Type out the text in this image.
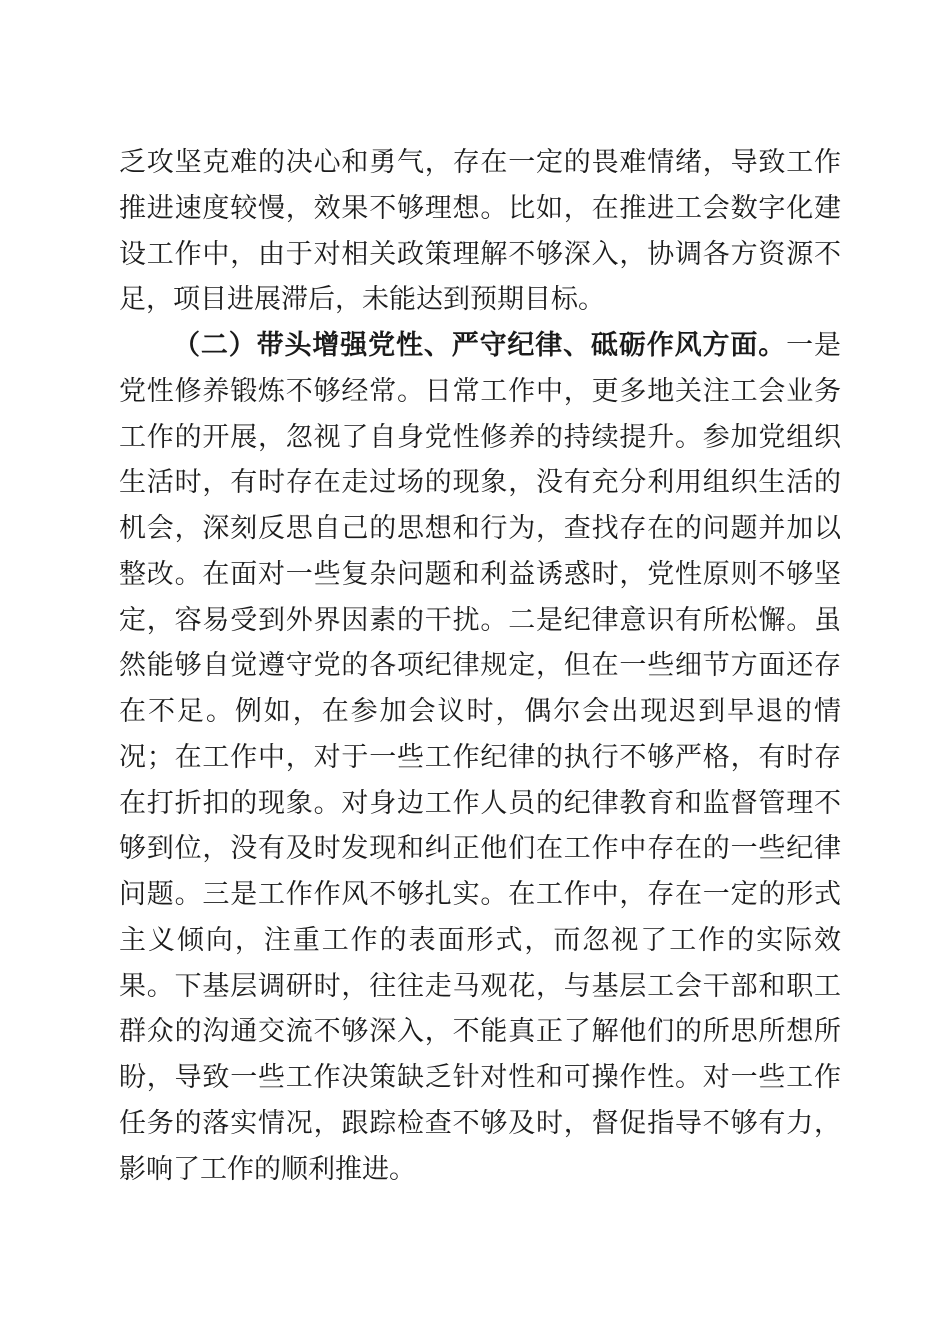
乏攻坚克难的决心和勇气，存在一定的畏难情绪，导致工作推进速度较慢，效果不够理想。比如，在推进工会数字化建设工作中，由于对相关政策理解不够深入，协调各方资源不足，项目进展滞后，未能达到预期目标。

（二）带头增强党性、严守纪律、砥砺作风方面。一是党性修养锻炼不够经常。日常工作中，更多地关注工会业务工作的开展，忽视了自身党性修养的持续提升。参加党组织生活时，有时存在走过场的现象，没有充分利用组织生活的机会，深刻反思自己的思想和行为，查找存在的问题并加以整改。在面对一些复杂问题和利益诱惑时，党性原则不够坚定，容易受到外界因素的干扰。二是纪律意识有所松懈。虽然能够自觉遵守党的各项纪律规定，但在一些细节方面还存在不足。例如，在参加会议时，偶尔会出现迟到早退的情况；在工作中，对于一些工作纪律的执行不够严格，有时存在打折扣的现象。对身边工作人员的纪律教育和监督管理不够到位，没有及时发现和纠正他们在工作中存在的一些纪律问题。三是工作作风不够扎实。在工作中，存在一定的形式主义倾向，注重工作的表面形式，而忽视了工作的实际效果。下基层调研时，往往走马观花，与基层工会干部和职工群众的沟通交流不够深入，不能真正了解他们的所思所想所盼，导致一些工作决策缺乏针对性和可操作性。对一些工作任务的落实情况，跟踪检查不够及时，督促指导不够有力，影响了工作的顺利推进。
